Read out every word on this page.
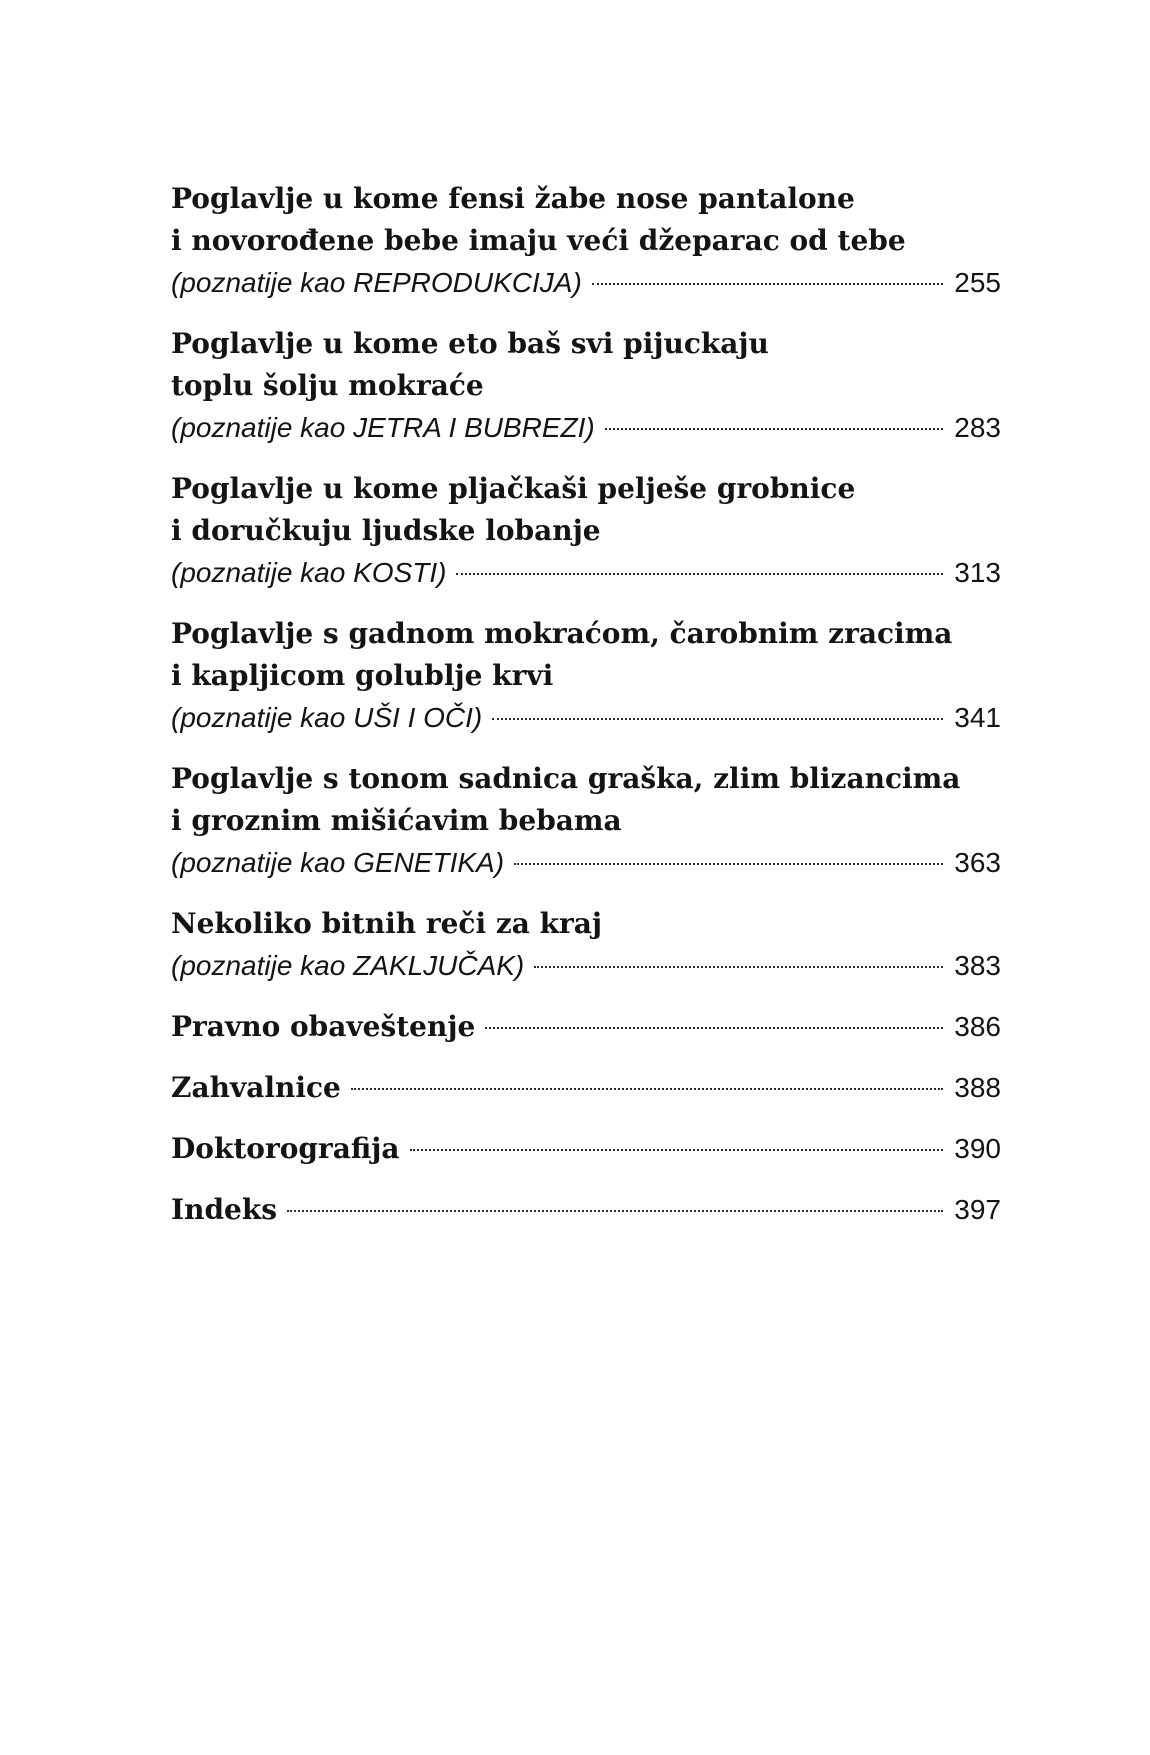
Poglavlje u kome fensi žabe nose pantalone
i novorođene bebe imaju veći džeparac od tebe
(poznatije kao REPRODUKCIJA)	255
Poglavlje u kome eto baš svi pijuckaju
toplu šolju mokraće
(poznatije kao JETRA I BUBREZI)	283
Poglavlje u kome pljačkaši pelješe grobnice
i doručkuju ljudske lobanje
(poznatije kao KOSTI)	313
Poglavlje s gadnom mokraćom, čarobnim zracima
i kapljicom golublje krvi
(poznatije kao UŠI I OČI)	341
Poglavlje s tonom sadnica graška, zlim blizancima
i groznim mišićavim bebama
(poznatije kao GENETIKA)	363
Nekoliko bitnih reči za kraj
(poznatije kao ZAKLJUČAK)	383
Pravno obaveštenje	386
Zahvalnice	388
Doktorografija	390
Indeks	397
